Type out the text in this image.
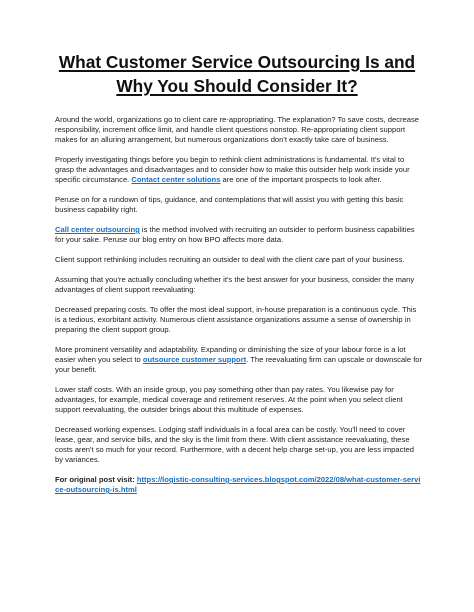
What Customer Service Outsourcing Is and
Why You Should Consider It?

Around the world, organizations go to client care re-appropriating. The explanation? To save costs, decrease responsibility, increment office limit, and handle client questions nonstop. Re-appropriating client support makes for an alluring arrangement, but numerous organizations don't exactly take care of business.

Properly investigating things before you begin to rethink client administrations is fundamental. It's vital to grasp the advantages and disadvantages and to consider how to make this outsider help work inside your specific circumstance. Contact center solutions are one of the important prospects to look after.

Peruse on for a rundown of tips, guidance, and contemplations that will assist you with getting this basic business capability right.

Call center outsourcing is the method involved with recruiting an outsider to perform business capabilities for your sake. Peruse our blog entry on how BPO affects more data.

Client support rethinking includes recruiting an outsider to deal with the client care part of your business.

Assuming that you're actually concluding whether it's the best answer for your business, consider the many advantages of client support reevaluating:

Decreased preparing costs. To offer the most ideal support, in-house preparation is a continuous cycle. This is a tedious, exorbitant activity. Numerous client assistance organizations assume a sense of ownership in preparing the client support group.

More prominent versatility and adaptability. Expanding or diminishing the size of your labour force is a lot easier when you select to outsource customer support. The reevaluating firm can upscale or downscale for your benefit.

Lower staff costs. With an inside group, you pay something other than pay rates. You likewise pay for advantages, for example, medical coverage and retirement reserves. At the point when you select client support reevaluating, the outsider brings about this multitude of expenses.

Decreased working expenses. Lodging staff individuals in a focal area can be costly. You'll need to cover lease, gear, and service bills, and the sky is the limit from there. With client assistance reevaluating, these costs aren't so much for your record. Furthermore, with a decent help charge set-up, you are less impacted by variances.

For original post visit: https://logistic-consulting-services.blogspot.com/2022/08/what-customer-service-outsourcing-is.html
